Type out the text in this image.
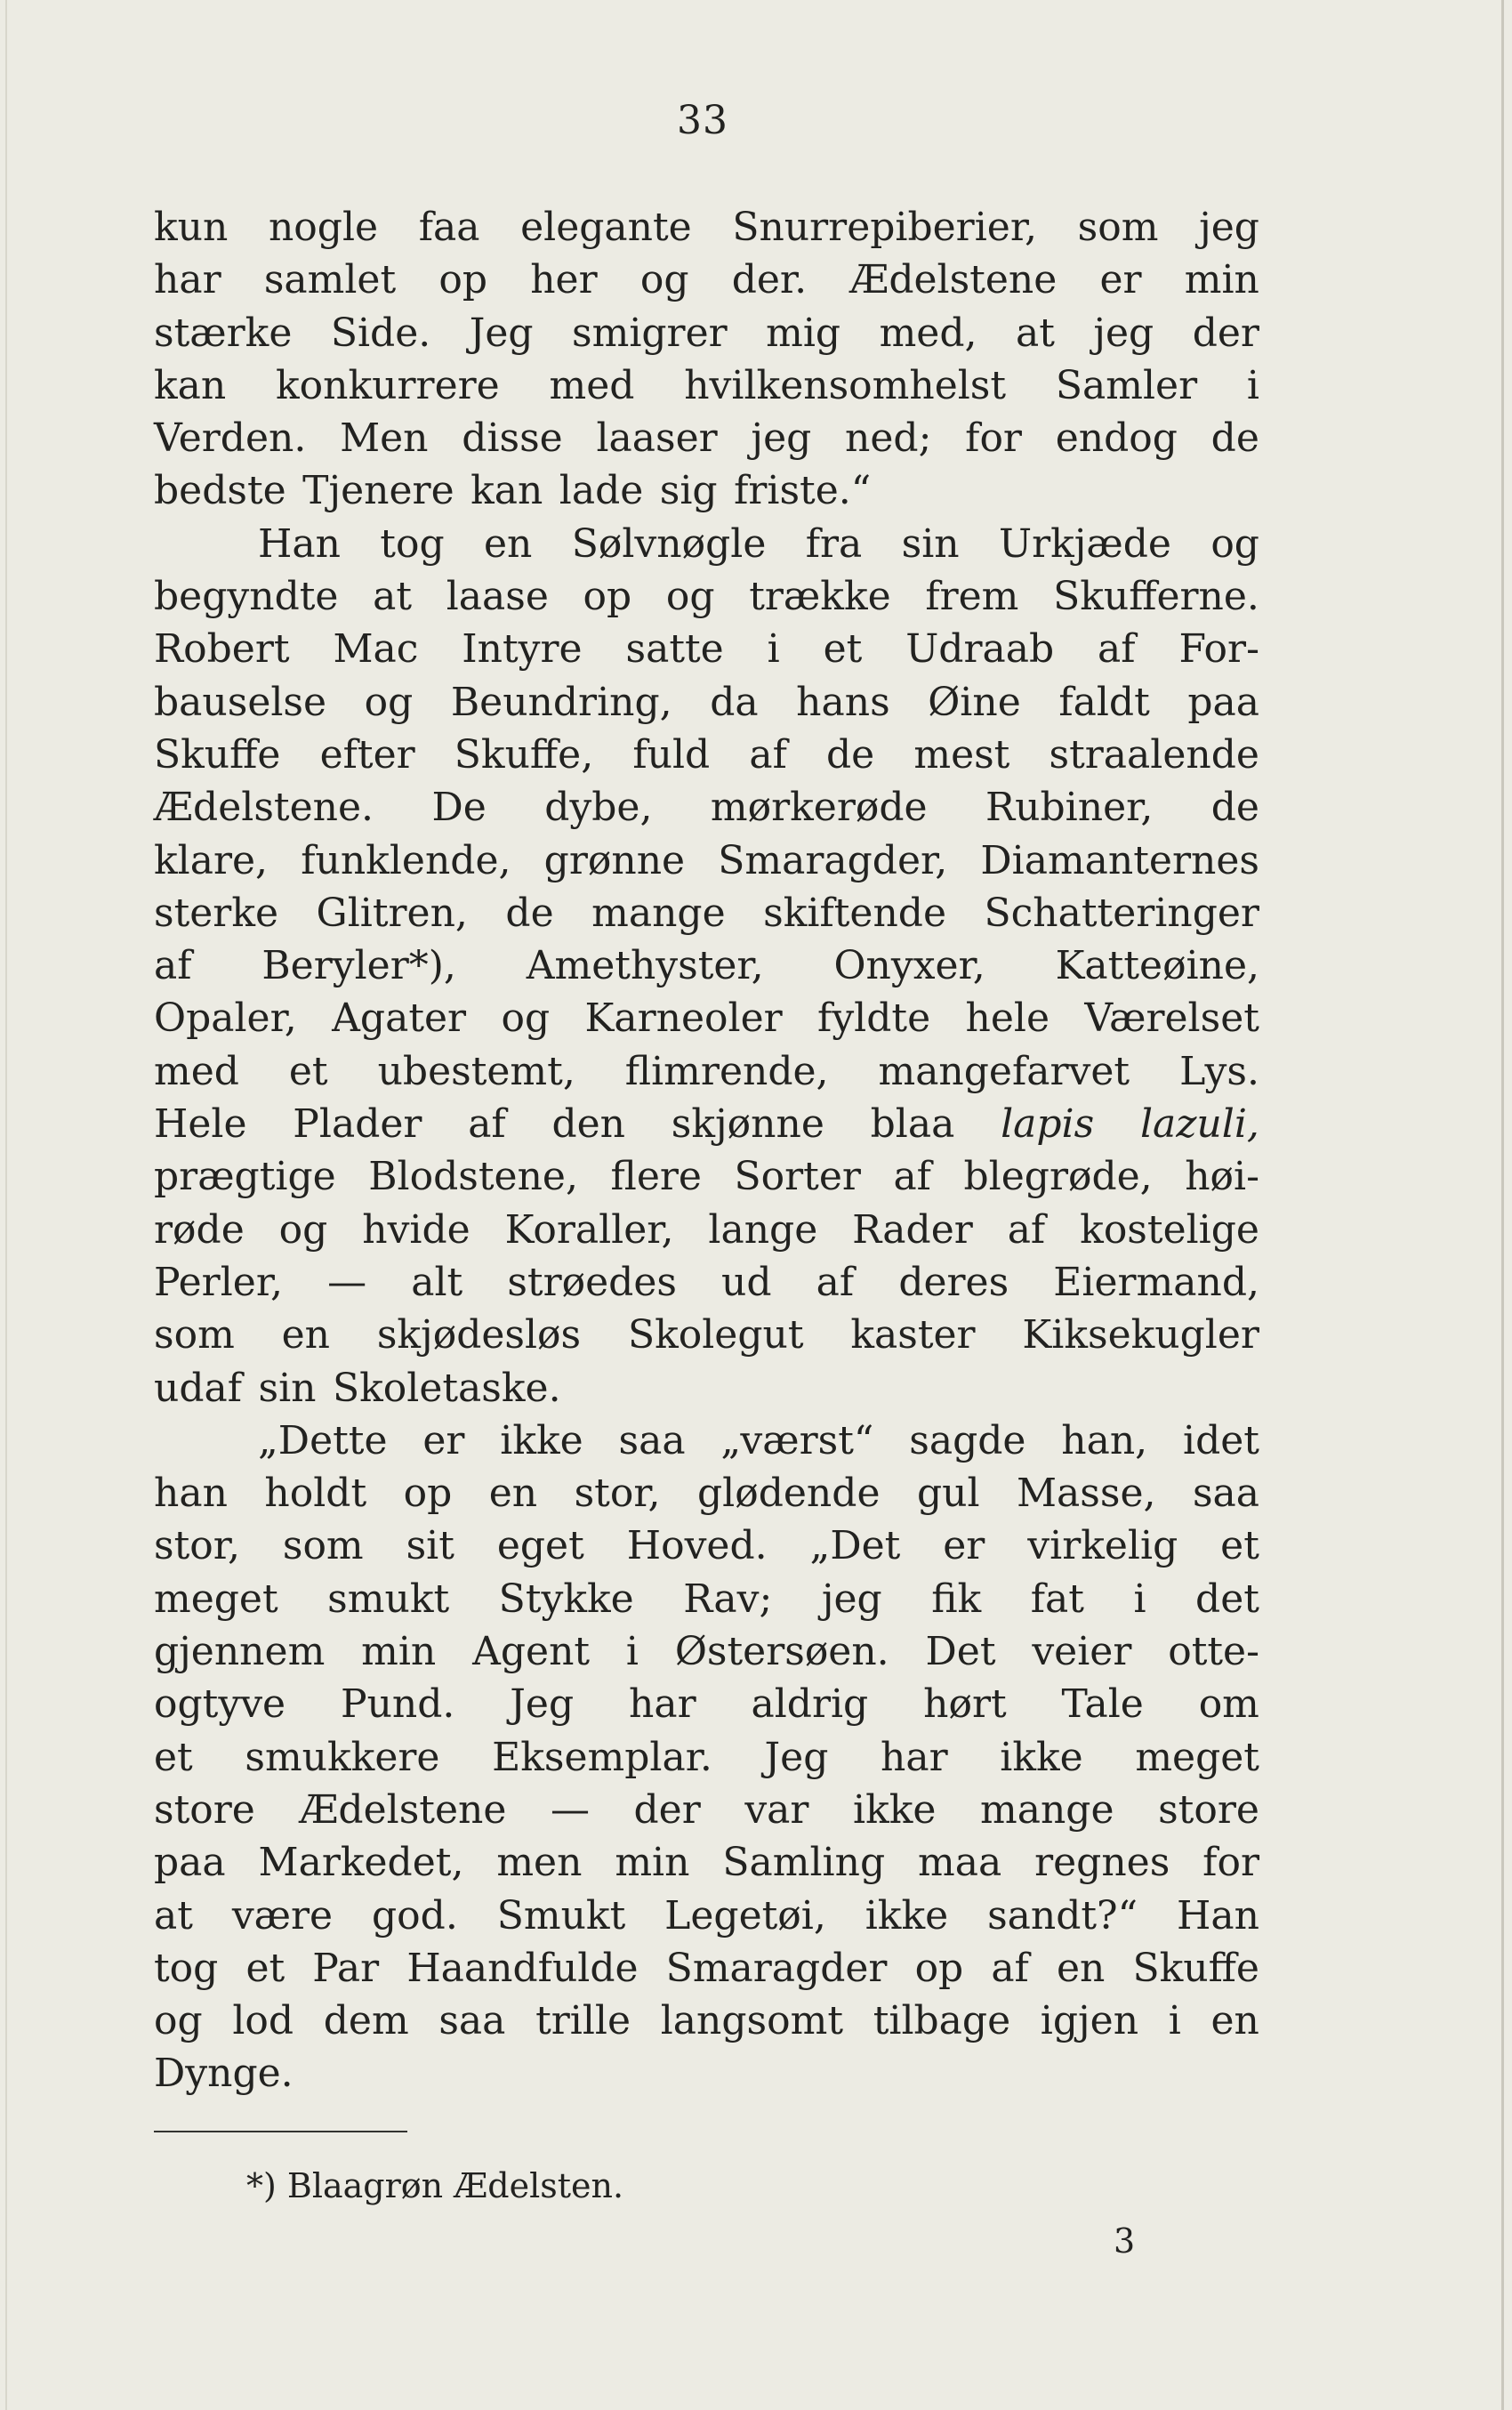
33
kun nogle faa elegante Snurrepiberier, som jeg
har samlet op her og der. Ædelstene er min
stærke Side. Jeg smigrer mig med, at jeg der
kan konkurrere med hvilkensomhelst Samler i
Verden. Men disse laaser jeg ned; for endog de
bedste Tjenere kan lade sig friste.“
Han tog en Sølvnøgle fra sin Urkjæde og
begyndte at laase op og trække frem Skufferne.
Robert Mac Intyre satte i et Udraab af For-
bauselse og Beundring, da hans Øine faldt paa
Skuffe efter Skuffe, fuld af de mest straalende
Ædelstene. De dybe, mørkerøde Rubiner, de
klare, funklende, grønne Smaragder, Diamanternes
sterke Glitren, de mange skiftende Schatteringer
af Beryler*), Amethyster, Onyxer, Katteøine,
Opaler, Agater og Karneoler fyldte hele Værelset
med et ubestemt, flimrende, mangefarvet Lys.
Hele Plader af den skjønne blaa lapis lazuli,
prægtige Blodstene, flere Sorter af blegrøde, høi-
røde og hvide Koraller, lange Rader af kostelige
Perler, — alt strøedes ud af deres Eiermand,
som en skjødesløs Skolegut kaster Kiksekugler
udaf sin Skoletaske.
„Dette er ikke saa „værst“ sagde han, idet
han holdt op en stor, glødende gul Masse, saa
stor, som sit eget Hoved. „Det er virkelig et
meget smukt Stykke Rav; jeg fik fat i det
gjennem min Agent i Østersøen. Det veier otte-
ogtyve Pund. Jeg har aldrig hørt Tale om
et smukkere Eksemplar. Jeg har ikke meget
store Ædelstene — der var ikke mange store
paa Markedet, men min Samling maa regnes for
at være god. Smukt Legetøi, ikke sandt?“ Han
tog et Par Haandfulde Smaragder op af en Skuffe
og lod dem saa trille langsomt tilbage igjen i en
Dynge.
*) Blaagrøn Ædelsten.
3
